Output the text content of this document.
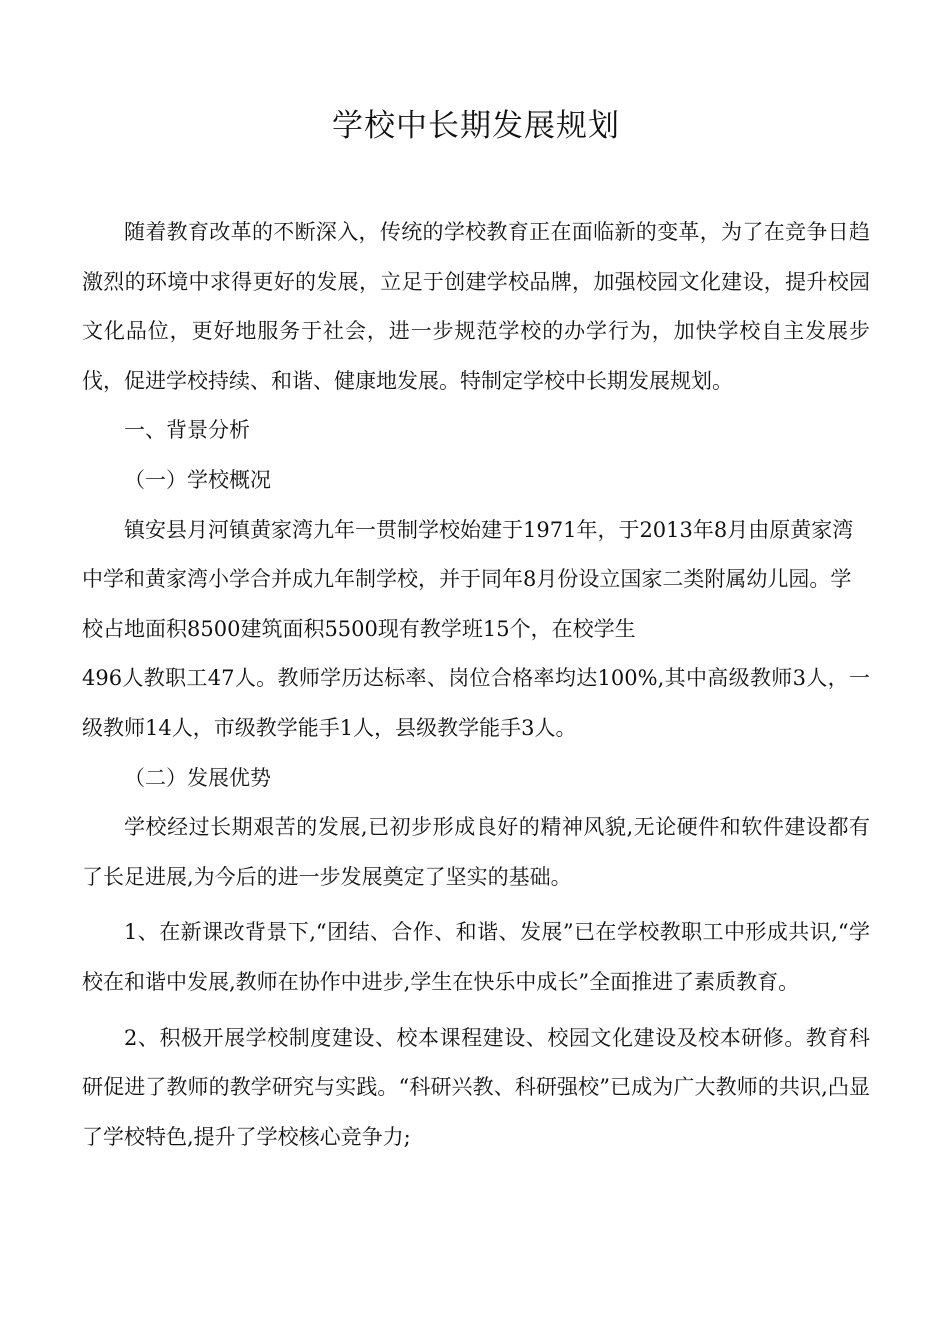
学校中长期发展规划

随着教育改革的不断深入，传统的学校教育正在面临新的变革，为了在竞争日趋激烈的环境中求得更好的发展，立足于创建学校品牌，加强校园文化建设，提升校园文化品位，更好地服务于社会，进一步规范学校的办学行为，加快学校自主发展步伐，促进学校持续、和谐、健康地发展。特制定学校中长期发展规划。

一、背景分析

（一）学校概况

镇安县月河镇黄家湾九年一贯制学校始建于1971年，于2013年8月由原黄家湾中学和黄家湾小学合并成九年制学校，并于同年8月份设立国家二类附属幼儿园。学校占地面积8500建筑面积5500现有教学班15个，在校学生

496人教职工47人。教师学历达标率、岗位合格率均达100%,其中高级教师3人，一级教师14人，市级教学能手1人，县级教学能手3人。

（二）发展优势

学校经过长期艰苦的发展,已初步形成良好的精神风貌,无论硬件和软件建设都有了长足进展,为今后的进一步发展奠定了坚实的基础。

1、在新课改背景下,“团结、合作、和谐、发展”已在学校教职工中形成共识,“学校在和谐中发展,教师在协作中进步,学生在快乐中成长”全面推进了素质教育。

2、积极开展学校制度建设、校本课程建设、校园文化建设及校本研修。教育科研促进了教师的教学研究与实践。“科研兴教、科研强校”已成为广大教师的共识,凸显了学校特色,提升了学校核心竞争力;
